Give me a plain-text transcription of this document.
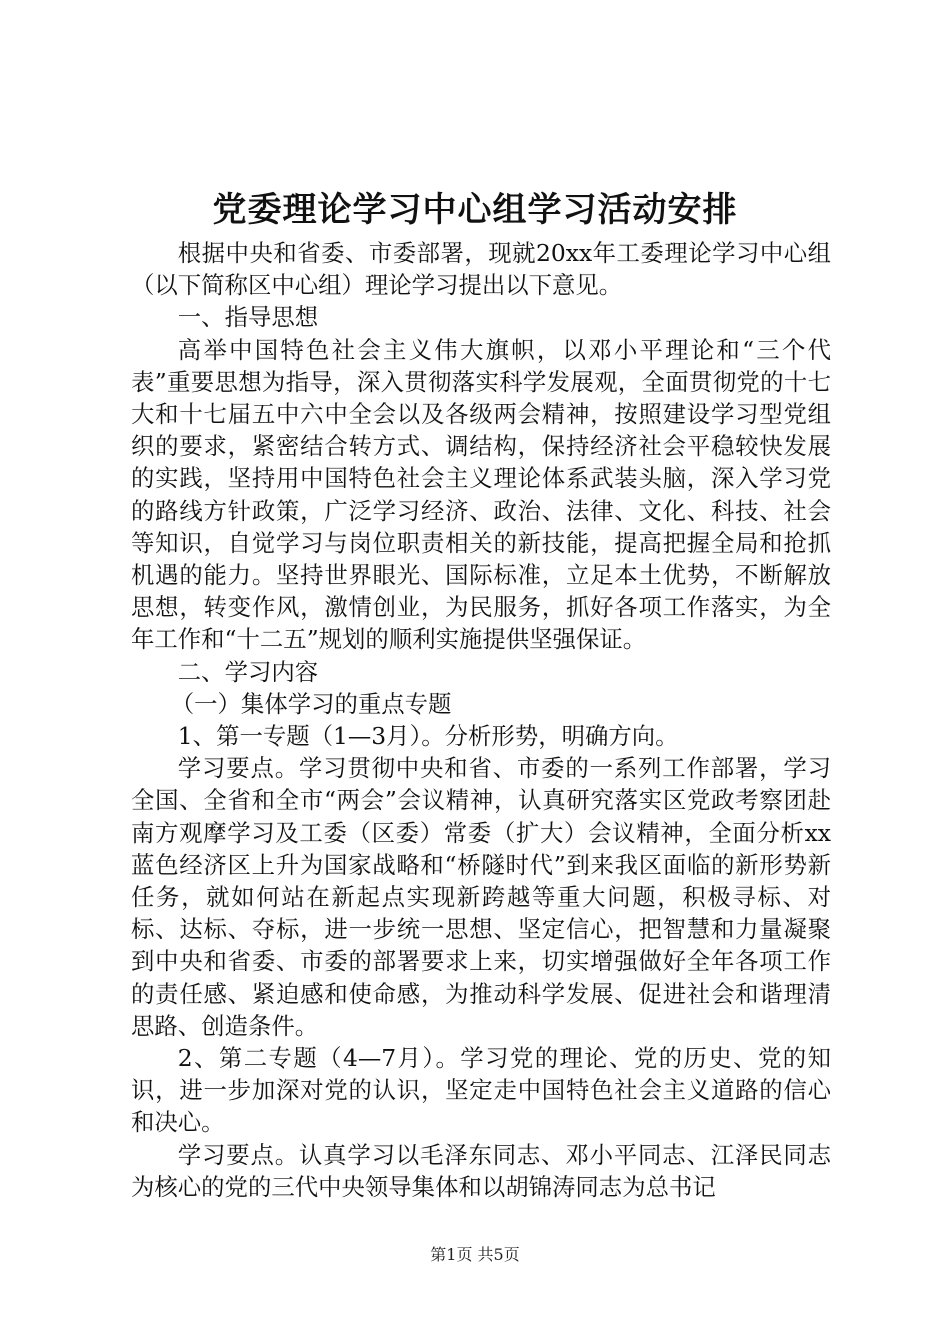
党委理论学习中心组学习活动安排

根据中央和省委、市委部署，现就20xx年工委理论学习中心组（以下简称区中心组）理论学习提出以下意见。

一、指导思想

高举中国特色社会主义伟大旗帜，以邓小平理论和“三个代表”重要思想为指导，深入贯彻落实科学发展观，全面贯彻党的十七大和十七届五中六中全会以及各级两会精神，按照建设学习型党组织的要求，紧密结合转方式、调结构，保持经济社会平稳较快发展的实践，坚持用中国特色社会主义理论体系武装头脑，深入学习党的路线方针政策，广泛学习经济、政治、法律、文化、科技、社会等知识，自觉学习与岗位职责相关的新技能，提高把握全局和抢抓机遇的能力。坚持世界眼光、国际标准，立足本土优势，不断解放思想，转变作风，激情创业，为民服务，抓好各项工作落实，为全年工作和“十二五”规划的顺利实施提供坚强保证。

二、学习内容

（一）集体学习的重点专题

1、第一专题（1—3月）。分析形势，明确方向。

学习要点。学习贯彻中央和省、市委的一系列工作部署，学习全国、全省和全市“两会”会议精神，认真研究落实区党政考察团赴南方观摩学习及工委（区委）常委（扩大）会议精神，全面分析xx蓝色经济区上升为国家战略和“桥隧时代”到来我区面临的新形势新任务，就如何站在新起点实现新跨越等重大问题，积极寻标、对标、达标、夺标，进一步统一思想、坚定信心，把智慧和力量凝聚到中央和省委、市委的部署要求上来，切实增强做好全年各项工作的责任感、紧迫感和使命感，为推动科学发展、促进社会和谐理清思路、创造条件。

2、第二专题（4—7月）。学习党的理论、党的历史、党的知识，进一步加深对党的认识，坚定走中国特色社会主义道路的信心和决心。

学习要点。认真学习以毛泽东同志、邓小平同志、江泽民同志为核心的党的三代中央领导集体和以胡锦涛同志为总书记

第1页 共5页
